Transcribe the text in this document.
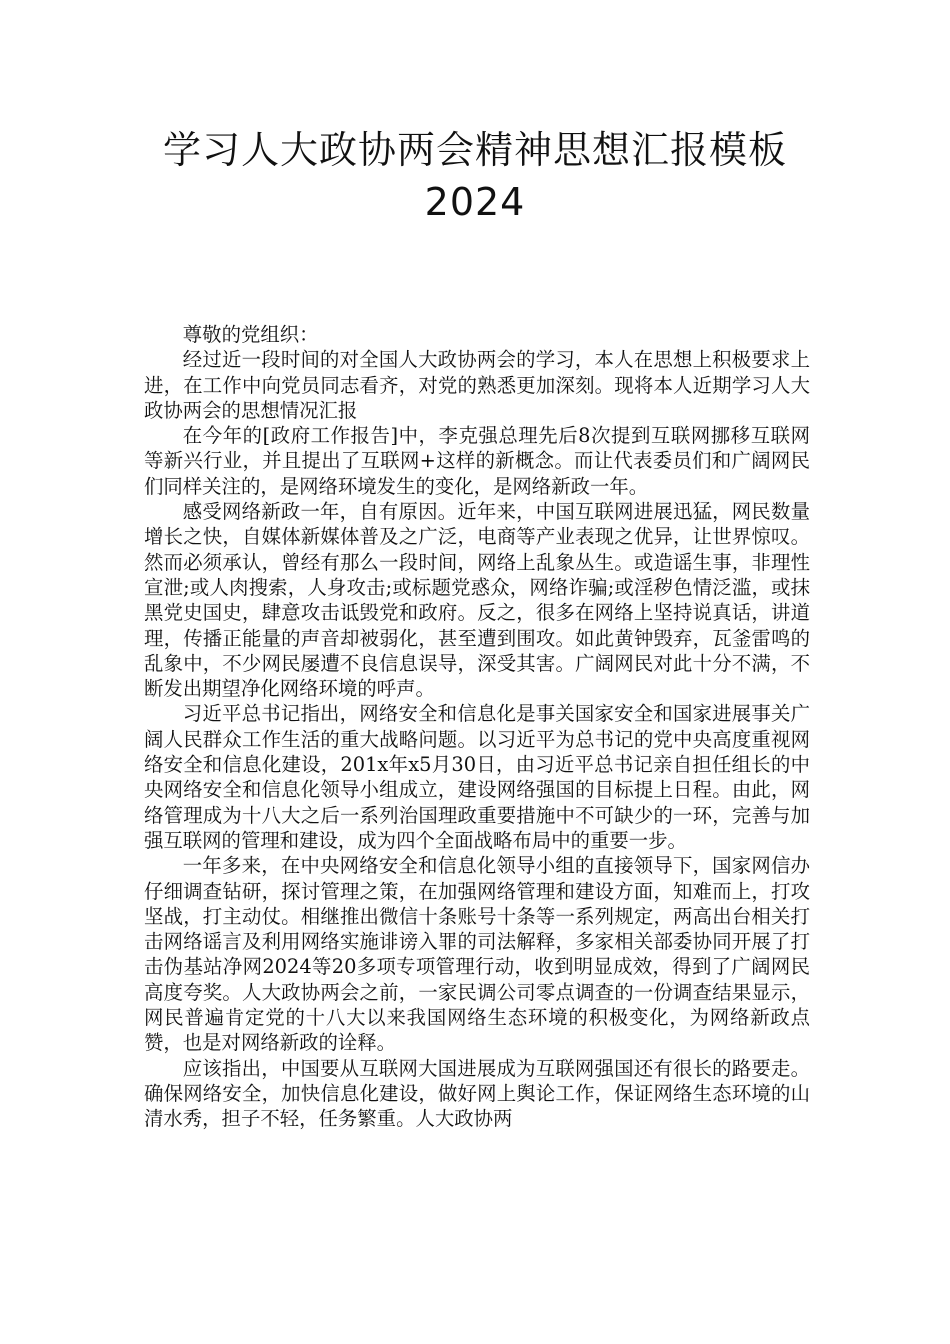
学习人大政协两会精神思想汇报模板
2024

尊敬的党组织：

经过近一段时间的对全国人大政协两会的学习，本人在思想上积极要求上进，在工作中向党员同志看齐，对党的熟悉更加深刻。现将本人近期学习人大政协两会的思想情况汇报

在今年的[政府工作报告]中，李克强总理先后8次提到互联网挪移互联网等新兴行业，并且提出了互联网+这样的新概念。而让代表委员们和广阔网民们同样关注的，是网络环境发生的变化，是网络新政一年。

感受网络新政一年，自有原因。近年来，中国互联网进展迅猛，网民数量增长之快，自媒体新媒体普及之广泛，电商等产业表现之优异，让世界惊叹。然而必须承认，曾经有那么一段时间，网络上乱象丛生。或造谣生事，非理性宣泄;或人肉搜索，人身攻击;或标题党惑众，网络诈骗;或淫秽色情泛滥，或抹黑党史国史，肆意攻击诋毁党和政府。反之，很多在网络上坚持说真话，讲道理，传播正能量的声音却被弱化，甚至遭到围攻。如此黄钟毁弃，瓦釜雷鸣的乱象中，不少网民屡遭不良信息误导，深受其害。广阔网民对此十分不满，不断发出期望净化网络环境的呼声。

习近平总书记指出，网络安全和信息化是事关国家安全和国家进展事关广阔人民群众工作生活的重大战略问题。以习近平为总书记的党中央高度重视网络安全和信息化建设，201x年x5月30日，由习近平总书记亲自担任组长的中央网络安全和信息化领导小组成立，建设网络强国的目标提上日程。由此，网络管理成为十八大之后一系列治国理政重要措施中不可缺少的一环，完善与加强互联网的管理和建设，成为四个全面战略布局中的重要一步。

一年多来，在中央网络安全和信息化领导小组的直接领导下，国家网信办仔细调查钻研，探讨管理之策，在加强网络管理和建设方面，知难而上，打攻坚战，打主动仗。相继推出微信十条账号十条等一系列规定，两高出台相关打击网络谣言及利用网络实施诽谤入罪的司法解释，多家相关部委协同开展了打击伪基站净网2024等20多项专项管理行动，收到明显成效，得到了广阔网民高度夸奖。人大政协两会之前，一家民调公司零点调查的一份调查结果显示，网民普遍肯定党的十八大以来我国网络生态环境的积极变化，为网络新政点赞，也是对网络新政的诠释。

应该指出，中国要从互联网大国进展成为互联网强国还有很长的路要走。确保网络安全，加快信息化建设，做好网上舆论工作，保证网络生态环境的山清水秀，担子不轻，任务繁重。人大政协两
